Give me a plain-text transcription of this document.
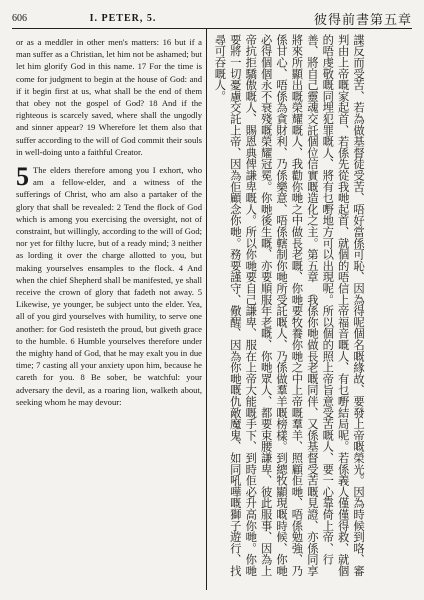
606	I. PETER, 5.	彼得前書第五章

or as a meddler in other men's matters: 16 but if a man suffer as a Christian, let him not be ashamed; but let him glorify God in this name. 17 For the time is come for judgment to begin at the house of God: and if it begin first at us, what shall be the end of them that obey not the gospel of God? 18 And if the righteous is scarcely saved, where shall the ungodly and sinner appear? 19 Wherefore let them also that suffer according to the will of God commit their souls in well-doing unto a faithful Creator.

5 The elders therefore among you I exhort, who am a fellow-elder, and a witness of the sufferings of Christ, who am also a partaker of the glory that shall be revealed: 2 Tend the flock of God which is among you exercising the oversight, not of constraint, but willingly, according to the will of God; nor yet for filthy lucre, but of a ready mind; 3 neither as lording it over the charge allotted to you, but making yourselves ensamples to the flock. 4 And when the chief Shepherd shall be manifested, ye shall receive the crown of glory that fadeth not away. 5 Likewise, ye younger, be subject unto the elder. Yea, all of you gird yourselves with humility, to serve one another: for God resisteth the proud, but giveth grace to the humble. 6 Humble yourselves therefore under the mighty hand of God, that he may exalt you in due time; 7 casting all your anxiety upon him, because he careth for you. 8 Be sober, be watchful: your adversary the devil, as a roaring lion, walketh about, seeking whom he may devour:	諜反而受苦、若為做基督徒受苦、唔好當係可恥、因為得呢個名嘅緣故、要發上帝嘅榮光。因為時候到咯、審判由上帝嘅家起首、若係先從我哋起首、就個的唔信上帝福音嘅人、有乜嘢結局呢。若係義人僅僅得救、就個的唔虔敬嘅同埋犯罪嘅人、將有乜嘢地方可以出現呢。所以個的照上帝旨意受苦嘅人、要一心靠倚上帝、行善、將自己靈魂交託個位信實嘅造化之主。第五章　我係你哋做長老嘅同伴、又係基督受苦嘅見證、亦係同享將來所顯出嘅榮耀嘅人、我勸你哋之中做長老嘅、你哋要牧養你哋之中上帝嘅羣羊、照顧佢哋、唔係勉強、乃係甘心、唔係為貪財利、乃係樂意、唔係轄制你哋所受託嘅人、乃係做羣羊嘅榜樣。到總牧顯現嘅時候、你哋必得個個永不衰殘嘅榮耀冠冕。你哋後生嘅、亦要順服年老嘅、你哋眾人、都要束腰謙卑、彼此服事、因為上帝抗拒驕傲嘅人、賜恩典俾謙卑嘅人。所以你哋要自己謙卑、服在上帝大能嘅手下、到時佢必升高你哋。你哋要將一切憂慮交託上帝、因為佢顧念你哋。務要謹守、儆醒、因為你哋嘅仇敵魔鬼、如同吼嘩嘅獅子遊行、找尋可吞嘅人。
